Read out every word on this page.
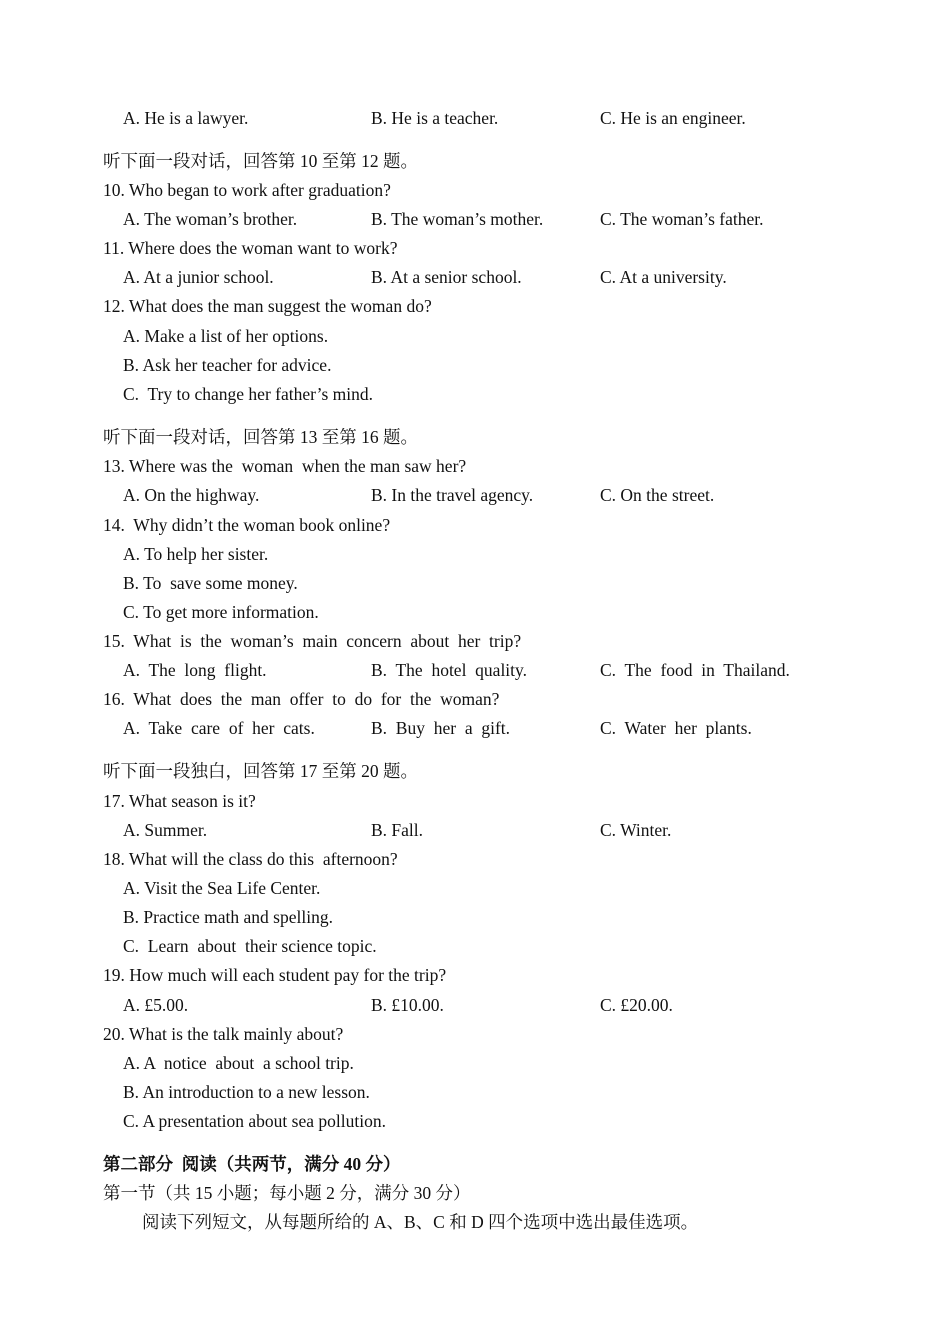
A. He is a lawyer.	B. He is a teacher.	C. He is an engineer.
听下面一段对话，回答第 10 至第 12 题。
10. Who began to work after graduation?
A. The woman’s brother.	B. The woman’s mother.	C. The woman’s father.
11. Where does the woman want to work?
A. At a junior school.	B. At a senior school.	C. At a university.
12. What does the man suggest the woman do?
A. Make a list of her options.
B. Ask her teacher for advice.
C.  Try to change her father’s mind.
听下面一段对话，回答第 13 至第 16 题。
13. Where was the  woman  when the man saw her?
A. On the highway.	B. In the travel agency.	C. On the street.
14.  Why didn’t the woman book online?
A. To help her sister.
B. To  save some money.
C. To get more information.
15.  What  is  the  woman’s  main  concern  about  her  trip?
A.  The  long  flight.	B.  The  hotel  quality.	C.  The  food  in  Thailand.
16.  What  does  the  man  offer  to  do  for  the  woman?
A.  Take  care  of  her  cats.	B.  Buy  her  a  gift.	C.  Water  her  plants.
听下面一段独白，回答第 17 至第 20 题。
17. What season is it?
A. Summer.	B. Fall.	C. Winter.
18. What will the class do this  afternoon?
A. Visit the Sea Life Center.
B. Practice math and spelling.
C.  Learn  about  their science topic.
19. How much will each student pay for the trip?
A. £5.00.	B. £10.00.	C. £20.00.
20. What is the talk mainly about?
A. A  notice  about  a school trip.
B. An introduction to a new lesson.
C. A presentation about sea pollution.
第二部分  阅读（共两节，满分 40 分）
第一节（共 15 小题；每小题 2 分，满分 30 分）
阅读下列短文，从每题所给的 A、B、C 和 D 四个选项中选出最佳选项。
